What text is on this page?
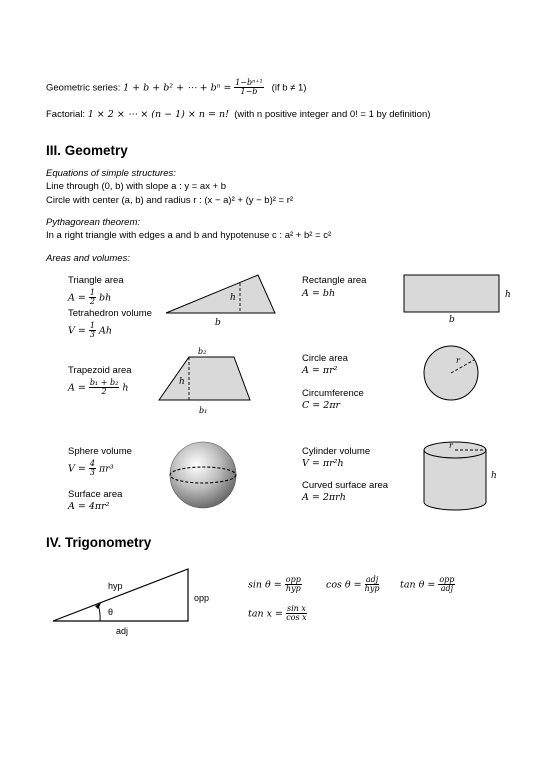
Geometric series: 1 + b + b² + ⋯ + $b^n = \frac{\text{1−bⁿ⁺¹}}{1-b} (if$ b ≠ 1)
Factorial: 1 × 2 × ⋯ × (n − 1) × n = n! (with n positive integer and 0! = 1 by definition)
III. Geometry
Equations of simple structures:
Line through (0, b) with slope a : y = ax + b
Circle with center (a, b) and radius r : (x − a)² + (y − b)² = r²
Pythagorean theorem:
In a right triangle with edges a and b and hypotenuse c : a² + b² = c²
Areas and volumes:
Triangle area
$A = \frac{1}{2}$ bh
Tetrahedron volume
$V = \frac{1}{3}$ Ah
Rectangle area
A = bh
Trapezoid area
$A = \frac{\text{b₁ + b₂}}{2}$ h
Circle area
A = πr²
Circumference
C = 2πr
Sphere volume
$V = \frac{4}{3} \pi r^3$
Surface area
A = 4πr²
Cylinder volume
V = πr²h
Curved surface area
A = 2πrh
IV. Trigonometry
$\sin \theta = \frac{\text{opp}}{\text{hyp}}$	$\cos \theta = \frac{\text{adj}}{\text{hyp}}$ $\tan \theta = \frac{\text{opp}}{\text{adj}}$
$\tan x = \frac{\text{sin x}}{\text{cos x}}$
h
b
h
b
b₂
h
b₁
r
r
h
hyp
opp
adj
θ
